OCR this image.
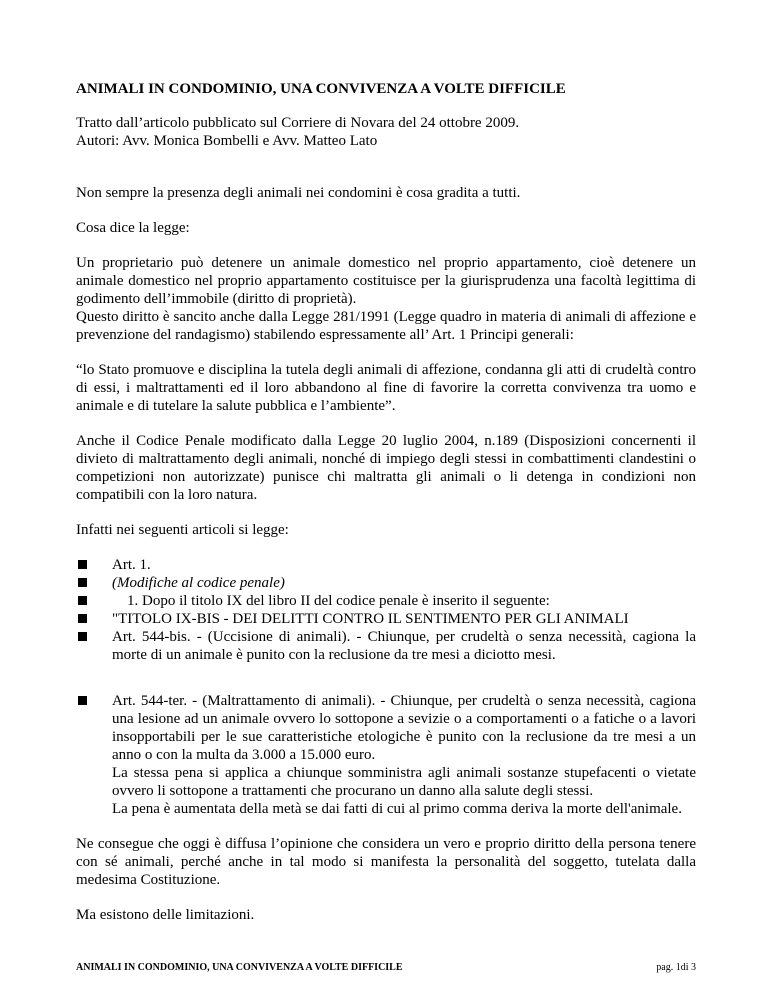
ANIMALI IN CONDOMINIO, UNA CONVIVENZA A VOLTE DIFFICILE

Tratto dall’articolo pubblicato sul Corriere di Novara del 24 ottobre 2009.
Autori: Avv. Monica Bombelli e Avv. Matteo Lato

Non sempre la presenza degli animali nei condomini è cosa gradita a tutti.

Cosa dice la legge:

Un proprietario può detenere un animale domestico nel proprio appartamento, cioè detenere un animale domestico nel proprio appartamento costituisce per la giurisprudenza una facoltà legittima di godimento dell’immobile (diritto di proprietà).
Questo diritto è sancito anche dalla Legge 281/1991 (Legge quadro in materia di animali di affezione e prevenzione del randagismo) stabilendo espressamente all’ Art. 1 Principi generali:

“lo Stato promuove e disciplina la tutela degli animali di affezione, condanna gli atti di crudeltà contro di essi, i maltrattamenti ed il loro abbandono al fine di favorire la corretta convivenza tra uomo e animale e di tutelare la salute pubblica e l’ambiente”.

Anche il Codice Penale modificato dalla Legge 20 luglio 2004, n.189 (Disposizioni concernenti il divieto di maltrattamento degli animali, nonché di impiego degli stessi in combattimenti clandestini o competizioni non autorizzate) punisce chi maltratta gli animali o li detenga in condizioni non compatibili con la loro natura.

Infatti nei seguenti articoli si legge:

Art. 1.
(Modifiche al codice penale)
1. Dopo il titolo IX del libro II del codice penale è inserito il seguente:
"TITOLO IX-BIS - DEI DELITTI CONTRO IL SENTIMENTO PER GLI ANIMALI
Art. 544-bis. - (Uccisione di animali). - Chiunque, per crudeltà o senza necessità, cagiona la morte di un animale è punito con la reclusione da tre mesi a diciotto mesi.
Art. 544-ter. - (Maltrattamento di animali). - Chiunque, per crudeltà o senza necessità, cagiona una lesione ad un animale ovvero lo sottopone a sevizie o a comportamenti o a fatiche o a lavori insopportabili per le sue caratteristiche etologiche è punito con la reclusione da tre mesi a un anno o con la multa da 3.000 a 15.000 euro.
La stessa pena si applica a chiunque somministra agli animali sostanze stupefacenti o vietate ovvero li sottopone a trattamenti che procurano un danno alla salute degli stessi.
La pena è aumentata della metà se dai fatti di cui al primo comma deriva la morte dell'animale.

Ne consegue che oggi è diffusa l’opinione che considera un vero e proprio diritto della persona tenere con sé animali, perché anche in tal modo si manifesta la personalità del soggetto, tutelata dalla medesima Costituzione.

Ma esistono delle limitazioni.

ANIMALI IN CONDOMINIO, UNA CONVIVENZA A VOLTE DIFFICILE	pag. 1di 3
